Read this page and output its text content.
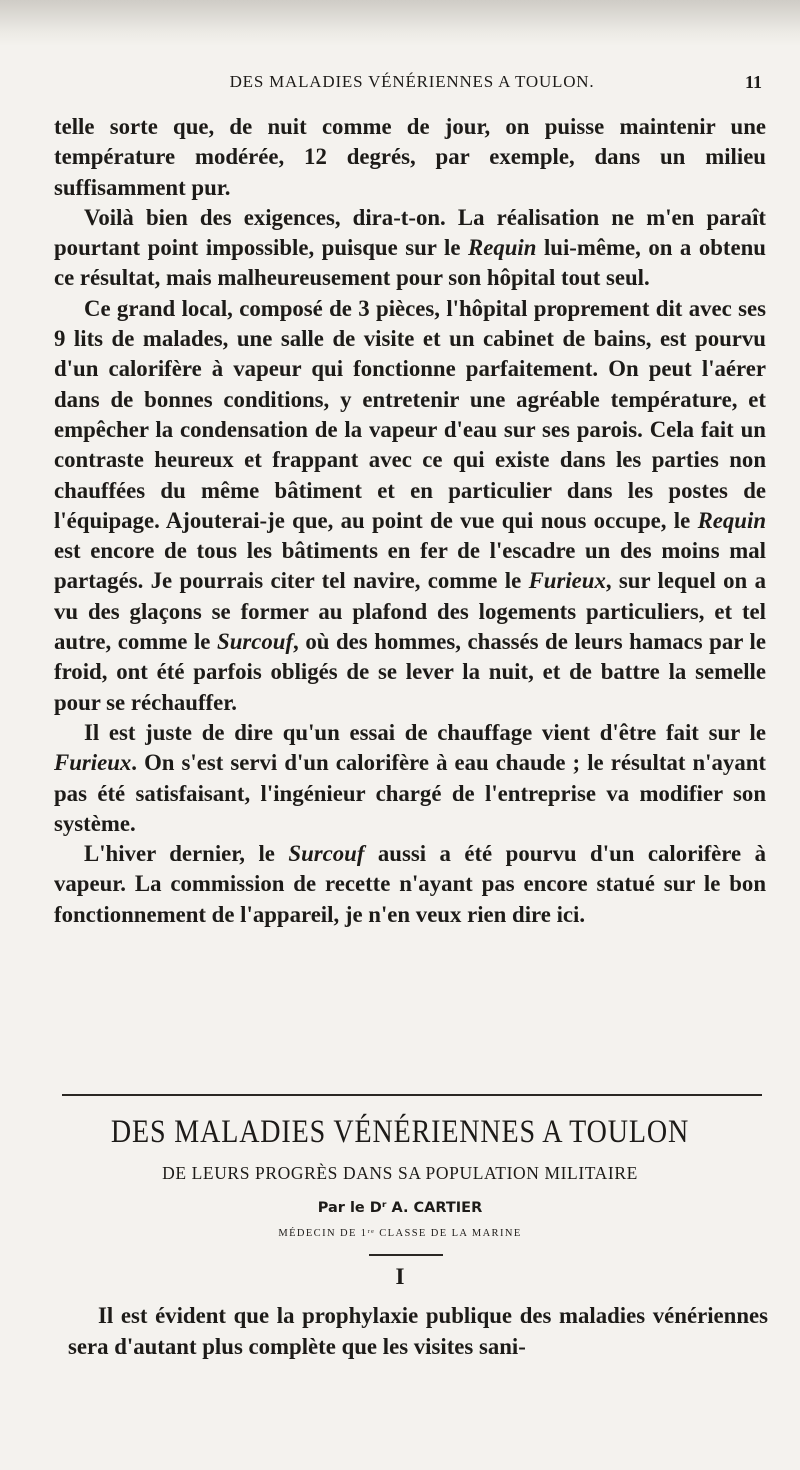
DES MALADIES VÉNÉRIENNES A TOULON.	11

telle sorte que, de nuit comme de jour, on puisse maintenir une température modérée, 12 degrés, par exemple, dans un milieu suffisamment pur.

Voilà bien des exigences, dira-t-on. La réalisation ne m'en paraît pourtant point impossible, puisque sur le Requin lui-même, on a obtenu ce résultat, mais malheureusement pour son hôpital tout seul.

Ce grand local, composé de 3 pièces, l'hôpital proprement dit avec ses 9 lits de malades, une salle de visite et un cabinet de bains, est pourvu d'un calorifère à vapeur qui fonctionne parfaitement. On peut l'aérer dans de bonnes conditions, y entretenir une agréable température, et empêcher la condensation de la vapeur d'eau sur ses parois. Cela fait un contraste heureux et frappant avec ce qui existe dans les parties non chauffées du même bâtiment et en particulier dans les postes de l'équipage. Ajouterai-je que, au point de vue qui nous occupe, le Requin est encore de tous les bâtiments en fer de l'escadre un des moins mal partagés. Je pourrais citer tel navire, comme le Furieux, sur lequel on a vu des glaçons se former au plafond des logements particuliers, et tel autre, comme le Surcouf, où des hommes, chassés de leurs hamacs par le froid, ont été parfois obligés de se lever la nuit, et de battre la semelle pour se réchauffer.

Il est juste de dire qu'un essai de chauffage vient d'être fait sur le Furieux. On s'est servi d'un calorifère à eau chaude ; le résultat n'ayant pas été satisfaisant, l'ingénieur chargé de l'entreprise va modifier son système.

L'hiver dernier, le Surcouf aussi a été pourvu d'un calorifère à vapeur. La commission de recette n'ayant pas encore statué sur le bon fonctionnement de l'appareil, je n'en veux rien dire ici.

DES MALADIES VÉNÉRIENNES A TOULON
DE LEURS PROGRÈS DANS SA POPULATION MILITAIRE
Par le Dʳ A. CARTIER
MÉDECIN DE 1ʳᵉ CLASSE DE LA MARINE
I

Il est évident que la prophylaxie publique des maladies vénériennes sera d'autant plus complète que les visites sani-
